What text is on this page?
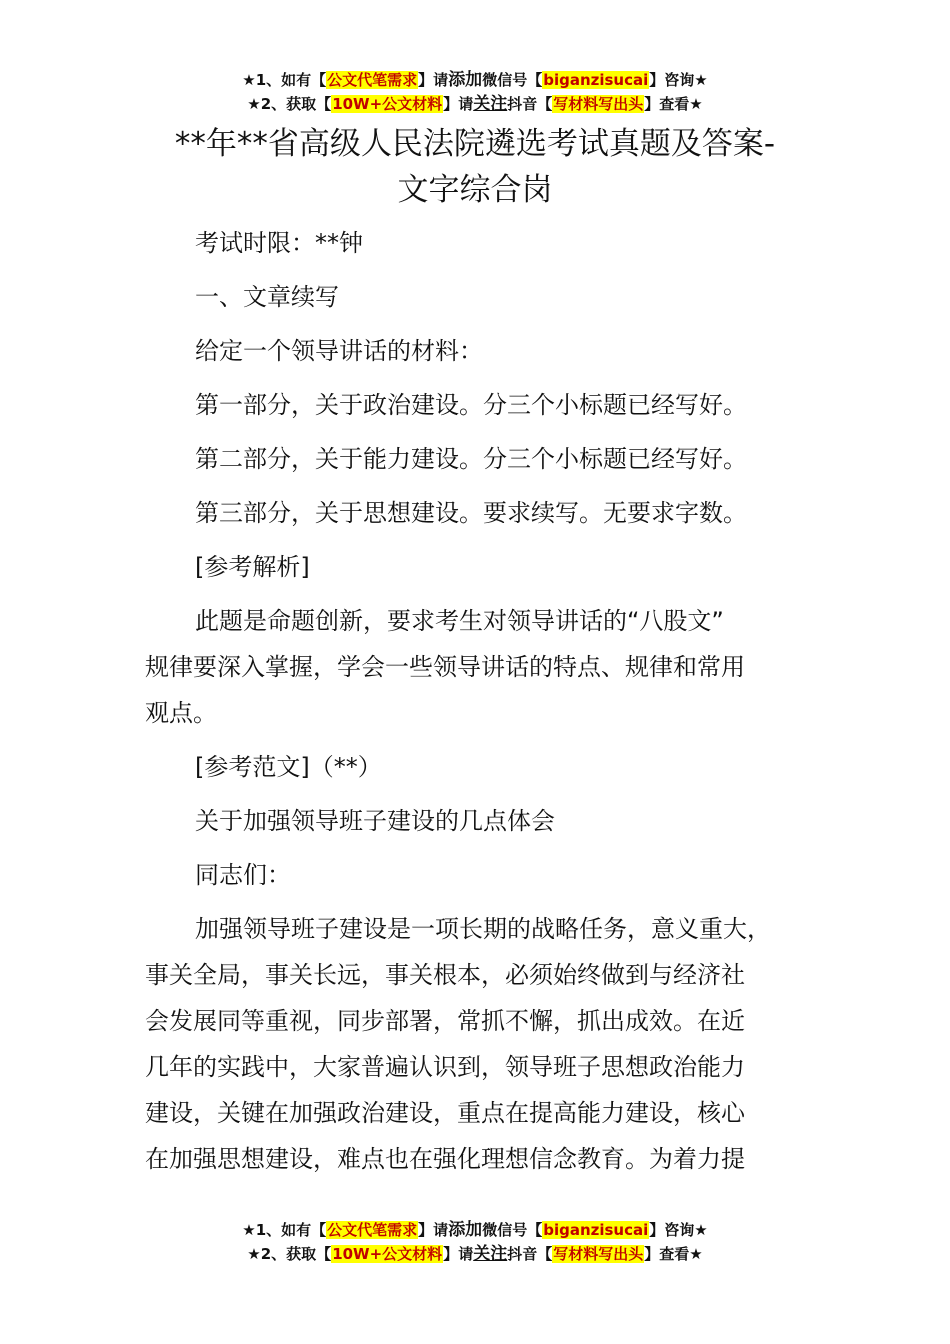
★1、如有【公文代笔需求】请添加微信号【biganzisucai】咨询★
★2、获取【10W+公文材料】请关注抖音【写材料写出头】查看★
**年**省高级人民法院遴选考试真题及答案-
文字综合岗

考试时限：**钟

一、文章续写

给定一个领导讲话的材料：

第一部分，关于政治建设。分三个小标题已经写好。

第二部分，关于能力建设。分三个小标题已经写好。

第三部分，关于思想建设。要求续写。无要求字数。

[参考解析]

此题是命题创新，要求考生对领导讲话的“八股文”
规律要深入掌握，学会一些领导讲话的特点、规律和常用
观点。

[参考范文]（**）

关于加强领导班子建设的几点体会

同志们：

加强领导班子建设是一项长期的战略任务，意义重大，
事关全局，事关长远，事关根本，必须始终做到与经济社
会发展同等重视，同步部署，常抓不懈，抓出成效。在近
几年的实践中，大家普遍认识到，领导班子思想政治能力
建设，关键在加强政治建设，重点在提高能力建设，核心
在加强思想建设，难点也在强化理想信念教育。为着力提

★1、如有【公文代笔需求】请添加微信号【biganzisucai】咨询★
★2、获取【10W+公文材料】请关注抖音【写材料写出头】查看★
